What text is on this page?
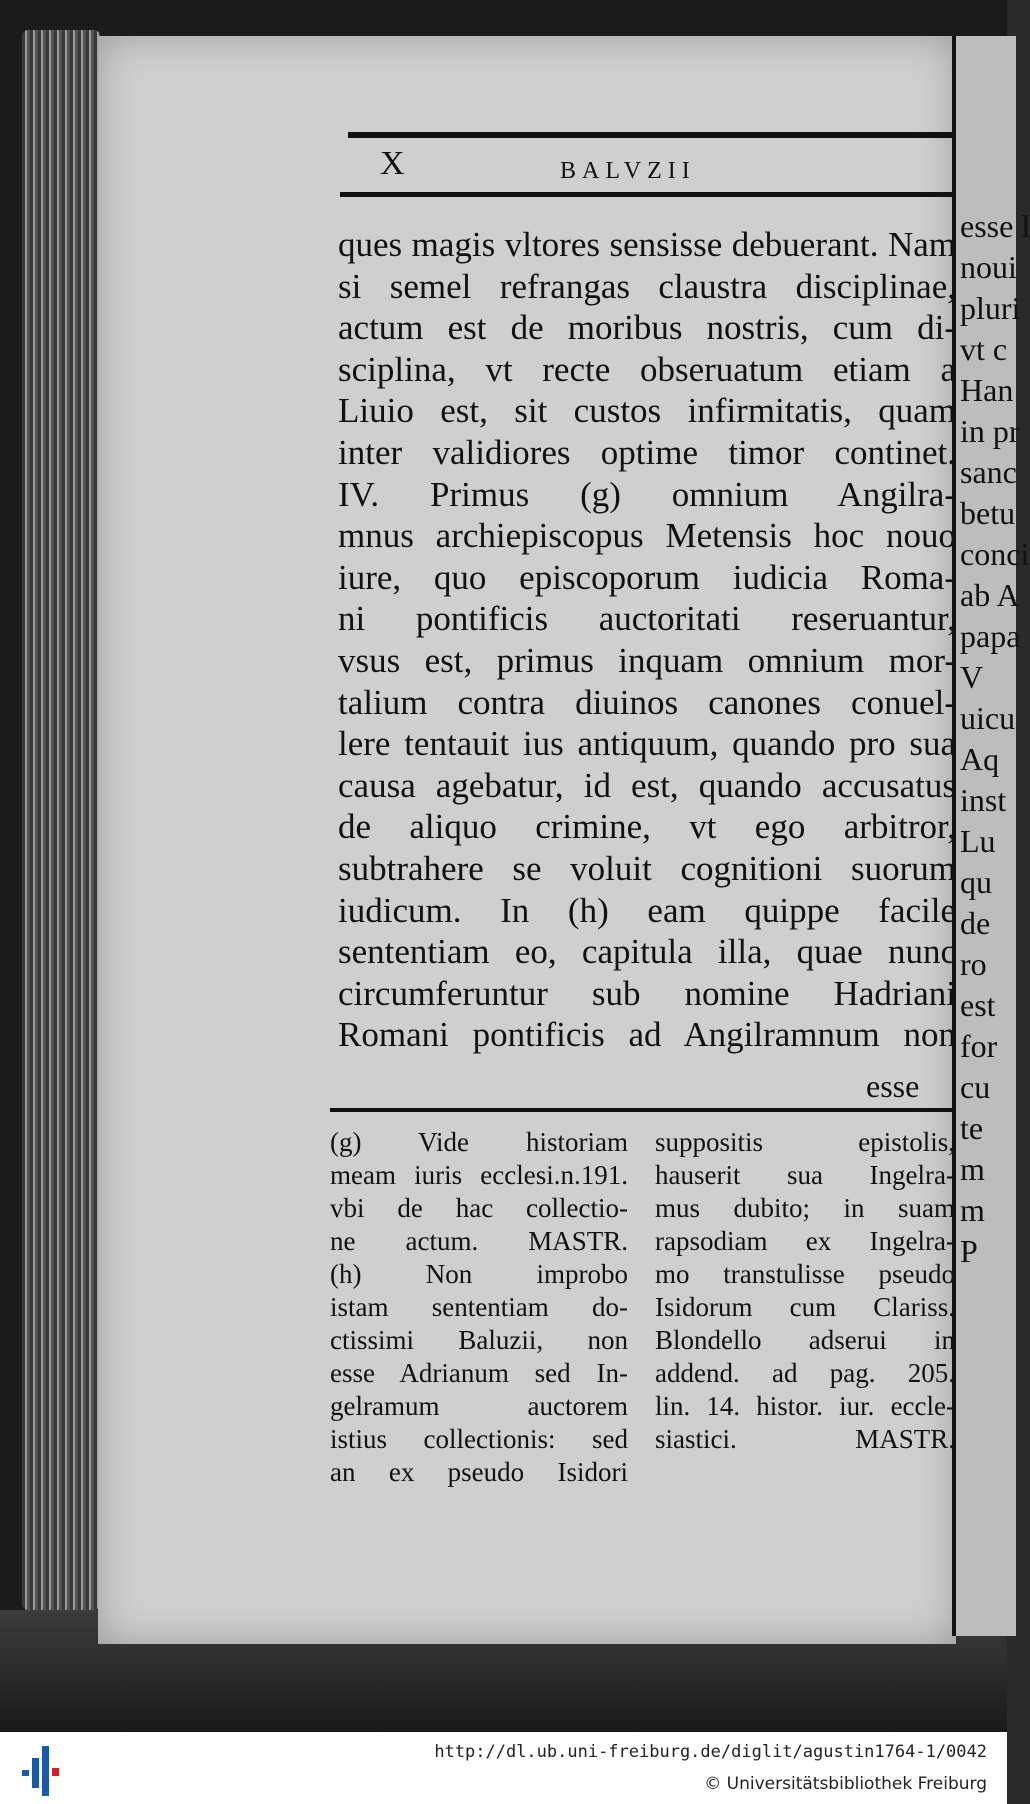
esse l
noui
pluri
vt c
Han
in pr
sanc
betu
conci
ab A
papa
V
uicu
Aq
inst
Lu
qu
de
ro
est
for
cu
te
m
m
P
X	BALVZII
ques magis vltores sensisse debuerant. Nam
si semel refrangas claustra disciplinae,
actum est de moribus nostris, cum di-
sciplina, vt recte obseruatum etiam a
Liuio est, sit custos infirmitatis, quam
inter validiores optime timor continet.
IV. Primus (g) omnium Angilra-
mnus archiepiscopus Metensis hoc nouo
iure, quo episcoporum iudicia Roma-
ni pontificis auctoritati reseruantur,
vsus est, primus inquam omnium mor-
talium contra diuinos canones conuel-
lere tentauit ius antiquum, quando pro sua
causa agebatur, id est, quando accusatus
de aliquo crimine, vt ego arbitror,
subtrahere se voluit cognitioni suorum
iudicum. In (h) eam quippe facile
sententiam eo, capitula illa, quae nunc
circumferuntur sub nomine Hadriani
Romani pontificis ad Angilramnum non
esse
(g) Vide historiam
meam iuris ecclesi.n.191.
vbi de hac collectio-
ne actum. MASTR.
(h) Non improbo
istam sententiam do-
ctissimi Baluzii, non
esse Adrianum sed In-
gelramum auctorem
istius collectionis: sed
an ex pseudo Isidori
suppositis epistolis,
hauserit sua Ingelra-
mus dubito; in suam
rapsodiam ex Ingelra-
mo transtulisse pseudo
Isidorum cum Clariss.
Blondello adserui in
addend. ad pag. 205.
lin. 14. histor. iur. eccle-
siastici. MASTR.
http://dl.ub.uni-freiburg.de/diglit/agustin1764-1/0042
© Universitätsbibliothek Freiburg
